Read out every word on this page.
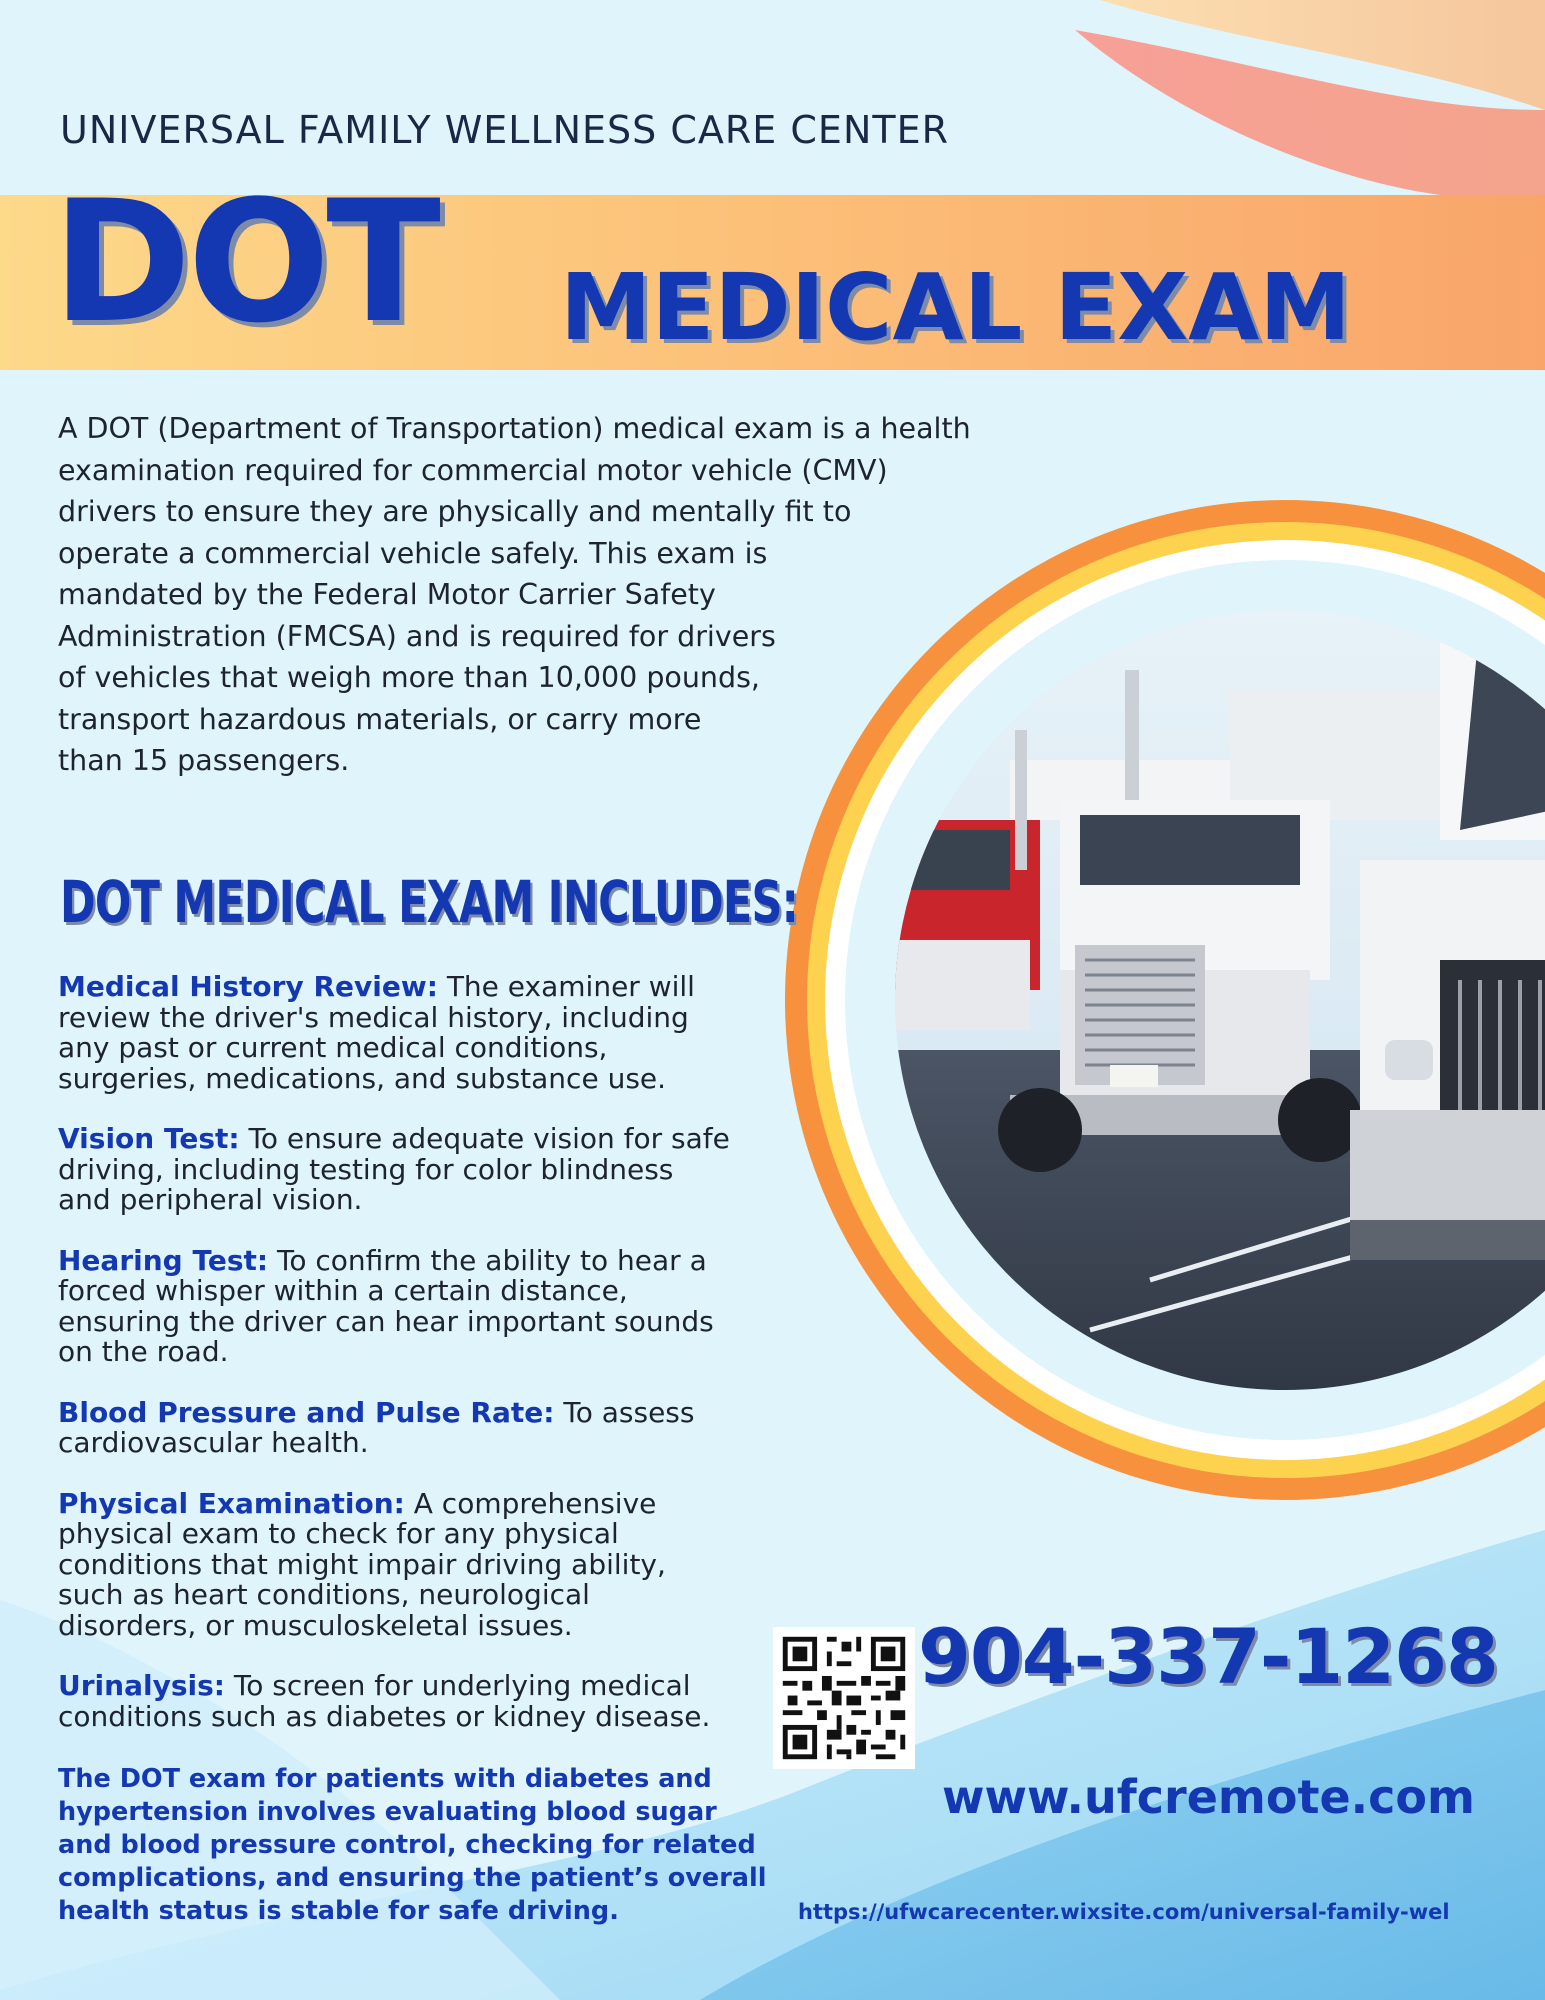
UNIVERSAL FAMILY WELLNESS CARE CENTER
DOT MEDICAL EXAM
A DOT (Department of Transportation) medical exam is a health
examination required for commercial motor vehicle (CMV)
drivers to ensure they are physically and mentally fit to
operate a commercial vehicle safely. This exam is
mandated by the Federal Motor Carrier Safety
Administration (FMCSA) and is required for drivers
of vehicles that weigh more than 10,000 pounds,
transport hazardous materials, or carry more
than 15 passengers.
DOT MEDICAL EXAM INCLUDES:
Medical History Review: The examiner will
review the driver's medical history, including
any past or current medical conditions,
surgeries, medications, and substance use.
Vision Test: To ensure adequate vision for safe
driving, including testing for color blindness
and peripheral vision.
Hearing Test: To confirm the ability to hear a
forced whisper within a certain distance,
ensuring the driver can hear important sounds
on the road.
Blood Pressure and Pulse Rate: To assess
cardiovascular health.
Physical Examination: A comprehensive
physical exam to check for any physical
conditions that might impair driving ability,
such as heart conditions, neurological
disorders, or musculoskeletal issues.
Urinalysis: To screen for underlying medical
conditions such as diabetes or kidney disease.
The DOT exam for patients with diabetes and
hypertension involves evaluating blood sugar
and blood pressure control, checking for related
complications, and ensuring the patient’s overall
health status is stable for safe driving.
904-337-1268
www.ufcremote.com
https://ufwcarecenter.wixsite.com/universal-family-wel
